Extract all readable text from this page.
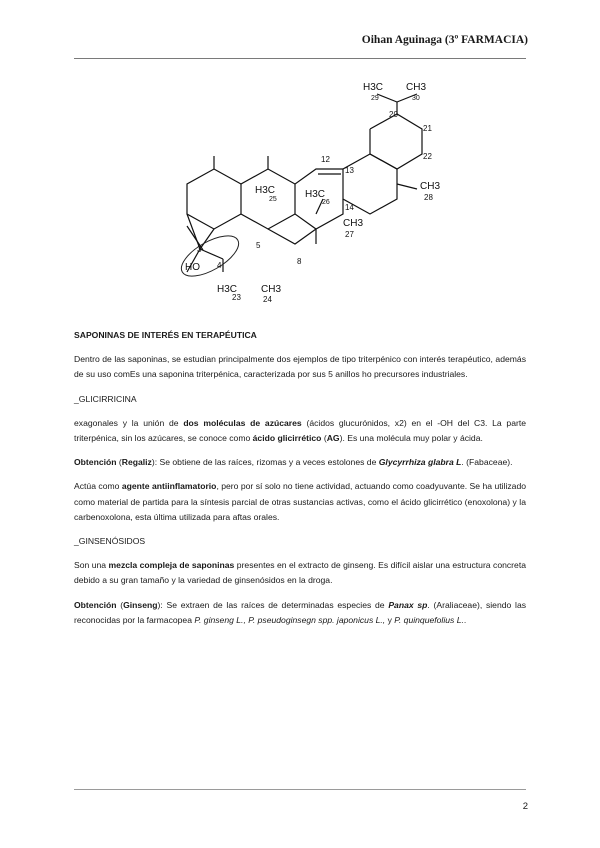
Oihan Aguinaga (3º FARMACIA)
H3C
29
CH3
30
20
21
22
12
13
14
CH3
28
H3C
26
H3C
25
CH3
27
3	5
8
HO 4
H3C
23
CH3
24

SAPONINAS DE INTERÉS EN TERAPÉUTICA

Dentro de las saponinas, se estudian principalmente dos ejemplos de tipo triterpénico con interés terapéutico, además de su uso comEs una saponina triterpénica, caracterizada por sus 5 anillos ho precursores industriales.

_GLICIRRICINA

exagonales y la unión de dos moléculas de azúcares (ácidos glucurónidos, x2) en el -OH del C3. La parte triterpénica, sin los azúcares, se conoce como ácido glicirrético (AG). Es una molécula muy polar y ácida.

Obtención (Regaliz): Se obtiene de las raíces, rizomas y a veces estolones de Glycyrrhiza glabra L. (Fabaceae).

Actúa como agente antiinflamatorio, pero por sí solo no tiene actividad, actuando como coadyuvante. Se ha utilizado como material de partida para la síntesis parcial de otras sustancias activas, como el ácido glicirrético (enoxolona) y la carbenoxolona, esta última utilizada para aftas orales.

_GINSENÓSIDOS

Son una mezcla compleja de saponinas presentes en el extracto de ginseng. Es difícil aislar una estructura concreta debido a su gran tamaño y la variedad de ginsenósidos en la droga.

Obtención (Ginseng): Se extraen de las raíces de determinadas especies de Panax sp. (Araliaceae), siendo las reconocidas por la farmacopea P. ginseng L., P. pseudoginsegn spp. japonicus L., y P. quinquefolius L..

2
